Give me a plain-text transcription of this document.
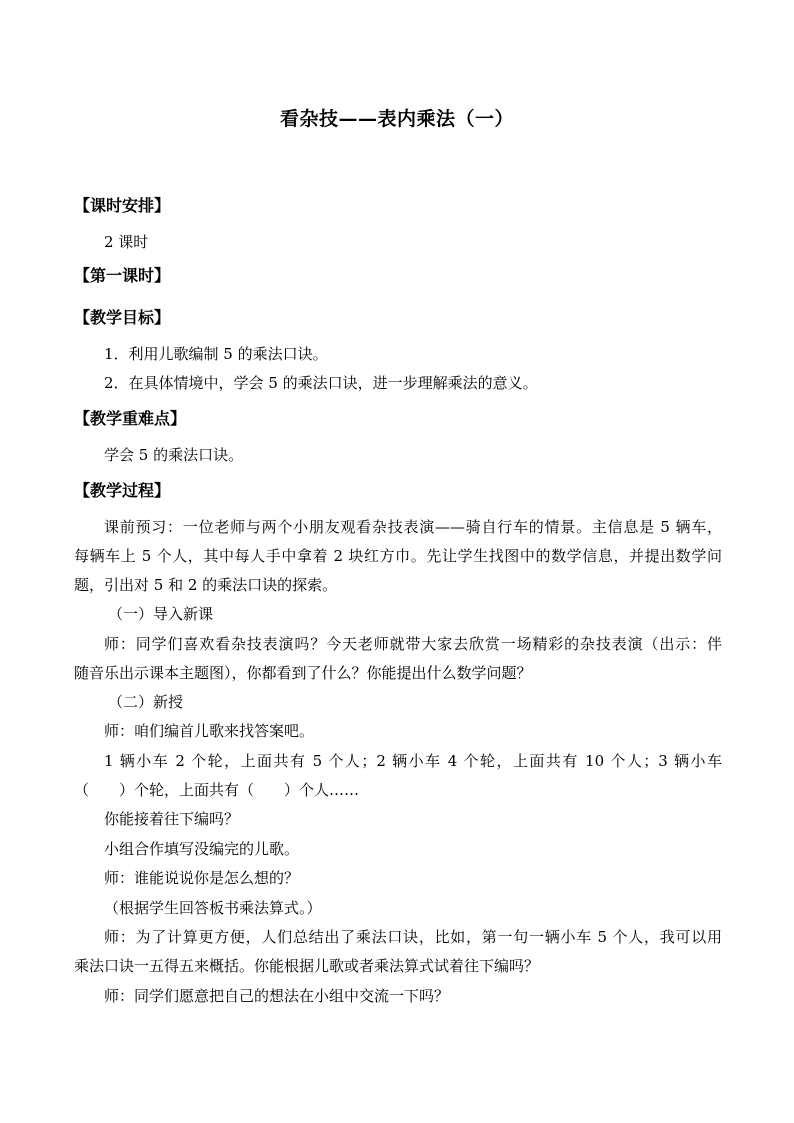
看杂技——表内乘法（一）
【课时安排】
2 课时
【第一课时】
【教学目标】
1．利用儿歌编制 5 的乘法口诀。
2．在具体情境中，学会 5 的乘法口诀，进一步理解乘法的意义。
【教学重难点】
学会 5 的乘法口诀。
【教学过程】
课前预习：一位老师与两个小朋友观看杂技表演——骑自行车的情景。主信息是 5 辆车，
每辆车上 5 个人，其中每人手中拿着 2 块红方巾。先让学生找图中的数学信息，并提出数学问
题，引出对 5 和 2 的乘法口诀的探索。
（一）导入新课
师：同学们喜欢看杂技表演吗？今天老师就带大家去欣赏一场精彩的杂技表演（出示：伴
随音乐出示课本主题图），你都看到了什么？你能提出什么数学问题？
（二）新授
师：咱们编首儿歌来找答案吧。
1 辆小车 2 个轮，上面共有 5 个人；2 辆小车 4 个轮，上面共有 10 个人；3 辆小车
（　　）个轮，上面共有（　　）个人……
你能接着往下编吗？
小组合作填写没编完的儿歌。
师：谁能说说你是怎么想的？
（根据学生回答板书乘法算式。）
师：为了计算更方便，人们总结出了乘法口诀，比如，第一句一辆小车 5 个人，我可以用
乘法口诀一五得五来概括。你能根据儿歌或者乘法算式试着往下编吗？
师：同学们愿意把自己的想法在小组中交流一下吗？
